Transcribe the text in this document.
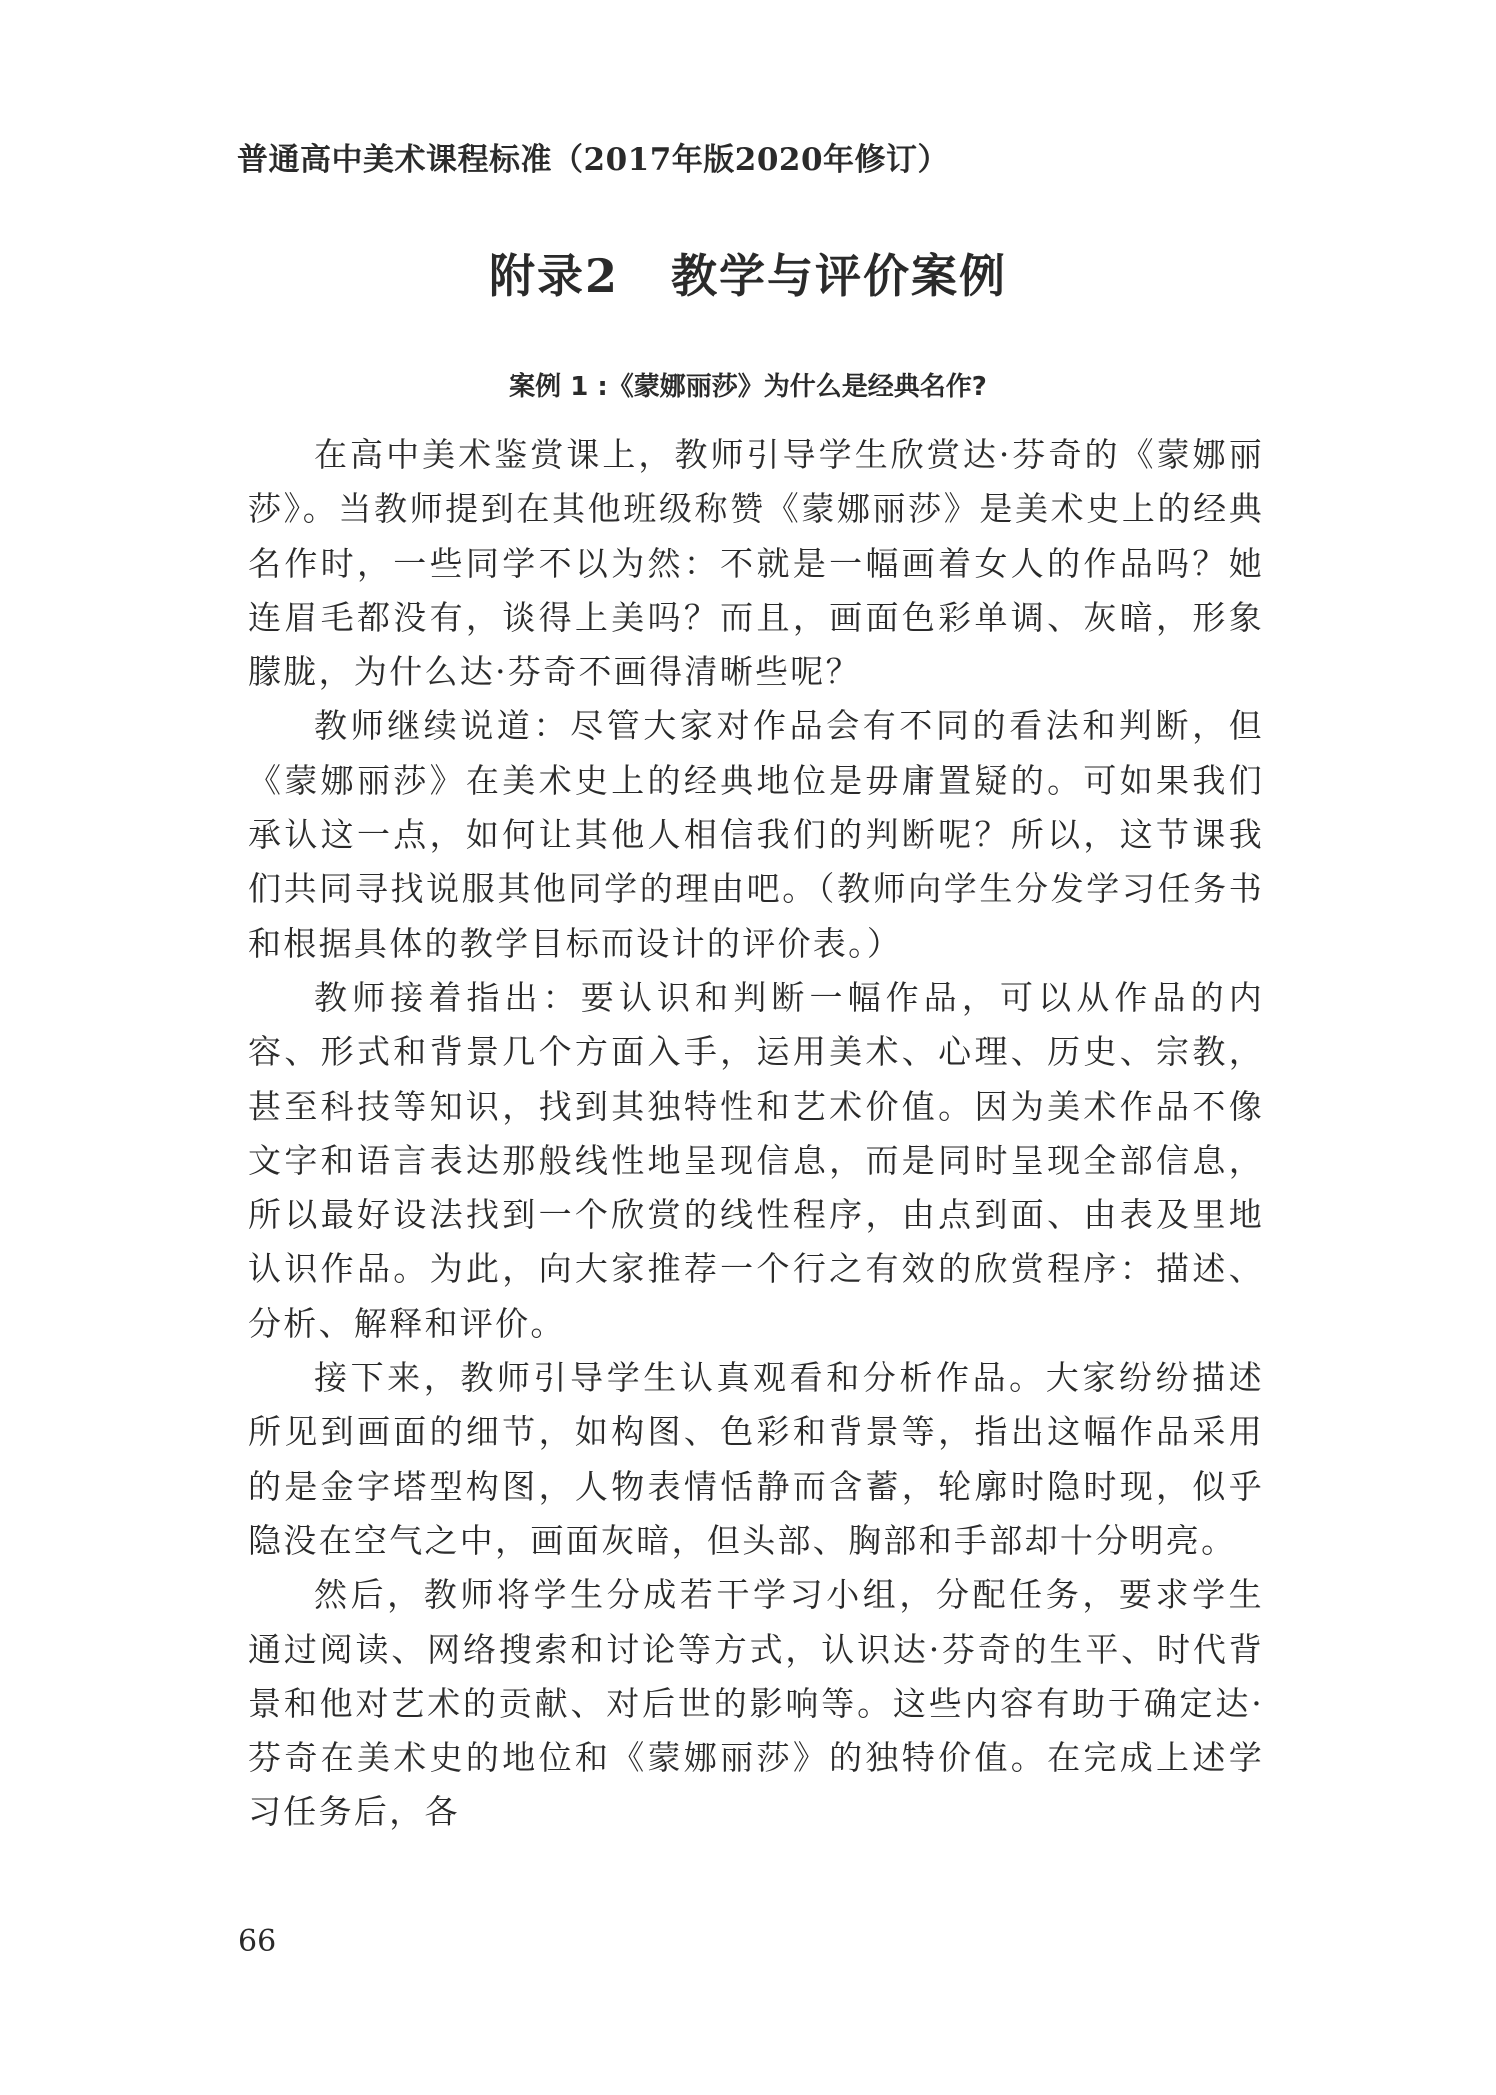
普通高中美术课程标准（2017年版2020年修订）
附录2 教学与评价案例
案例 1 :《蒙娜丽莎》为什么是经典名作?

在高中美术鉴赏课上，教师引导学生欣赏达·芬奇的《蒙娜丽莎》。当教师提到在其他班级称赞《蒙娜丽莎》是美术史上的经典名作时，一些同学不以为然：不就是一幅画着女人的作品吗？她连眉毛都没有，谈得上美吗？而且，画面色彩单调、灰暗，形象朦胧，为什么达·芬奇不画得清晰些呢？

教师继续说道：尽管大家对作品会有不同的看法和判断，但《蒙娜丽莎》在美术史上的经典地位是毋庸置疑的。可如果我们承认这一点，如何让其他人相信我们的判断呢？所以，这节课我们共同寻找说服其他同学的理由吧。（教师向学生分发学习任务书和根据具体的教学目标而设计的评价表。）

教师接着指出：要认识和判断一幅作品，可以从作品的内容、形式和背景几个方面入手，运用美术、心理、历史、宗教，甚至科技等知识，找到其独特性和艺术价值。因为美术作品不像文字和语言表达那般线性地呈现信息，而是同时呈现全部信息，所以最好设法找到一个欣赏的线性程序，由点到面、由表及里地认识作品。为此，向大家推荐一个行之有效的欣赏程序：描述、分析、解释和评价。

接下来，教师引导学生认真观看和分析作品。大家纷纷描述所见到画面的细节，如构图、色彩和背景等，指出这幅作品采用的是金字塔型构图，人物表情恬静而含蓄，轮廓时隐时现，似乎隐没在空气之中，画面灰暗，但头部、胸部和手部却十分明亮。

然后，教师将学生分成若干学习小组，分配任务，要求学生通过阅读、网络搜索和讨论等方式，认识达·芬奇的生平、时代背景和他对艺术的贡献、对后世的影响等。这些内容有助于确定达·芬奇在美术史的地位和《蒙娜丽莎》的独特价值。在完成上述学习任务后，各

66
